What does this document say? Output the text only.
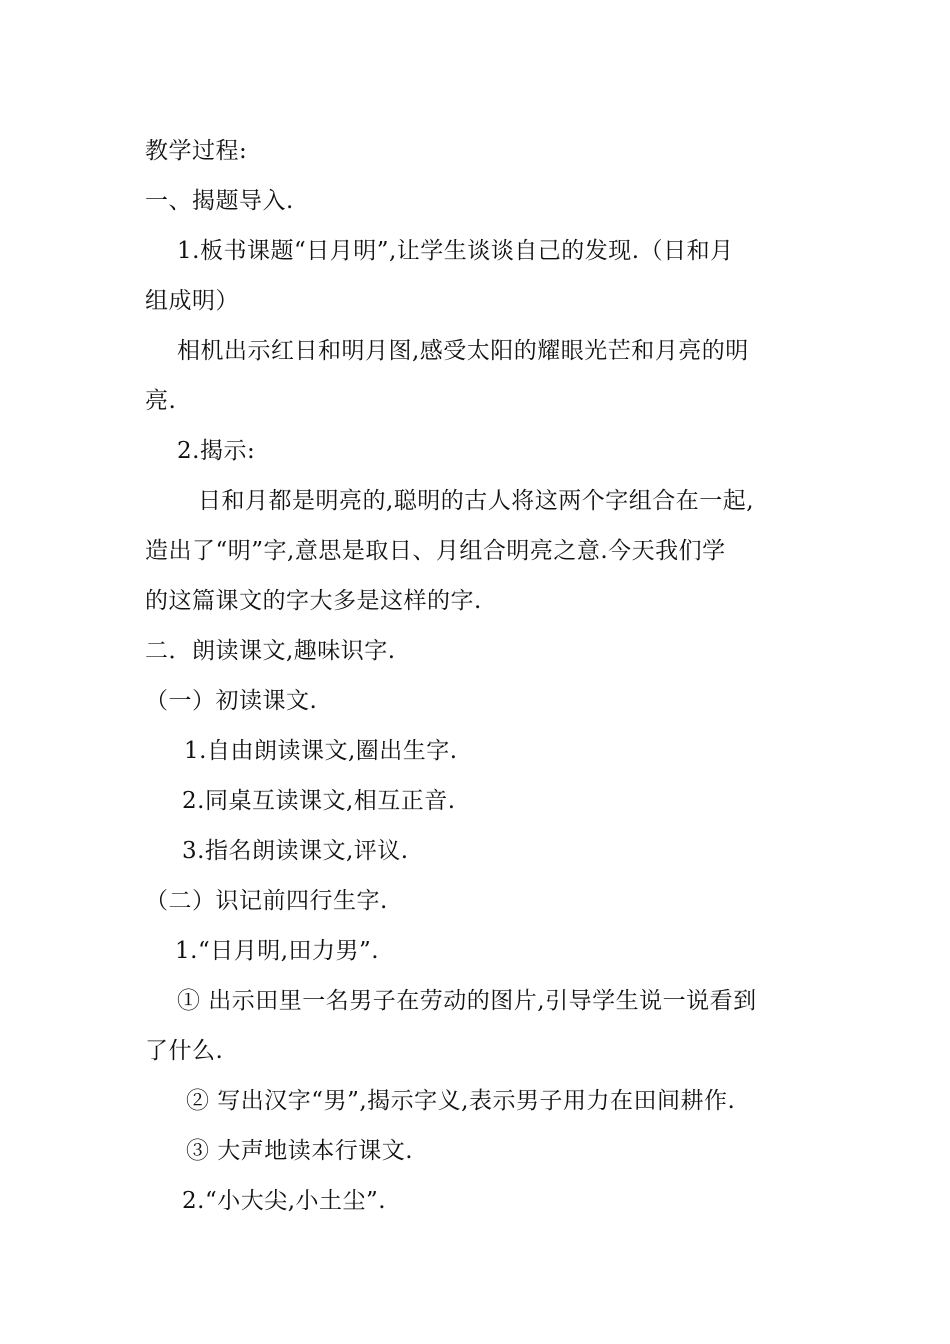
教学过程:
一、揭题导入.
1.板书课题“日月明”,让学生谈谈自己的发现.（日和月
组成明）
相机出示红日和明月图,感受太阳的耀眼光芒和月亮的明
亮.
2.揭示:
日和月都是明亮的,聪明的古人将这两个字组合在一起,
造出了“明”字,意思是取日、月组合明亮之意.今天我们学
的这篇课文的字大多是这样的字.
二．朗读课文,趣味识字.
（一）初读课文.
1.自由朗读课文,圈出生字.
2.同桌互读课文,相互正音.
3.指名朗读课文,评议.
（二）识记前四行生字.
1.“日月明,田力男”.
① 出示田里一名男子在劳动的图片,引导学生说一说看到
了什么.
② 写出汉字“男”,揭示字义,表示男子用力在田间耕作.
③ 大声地读本行课文.
2.“小大尖,小土尘”.
